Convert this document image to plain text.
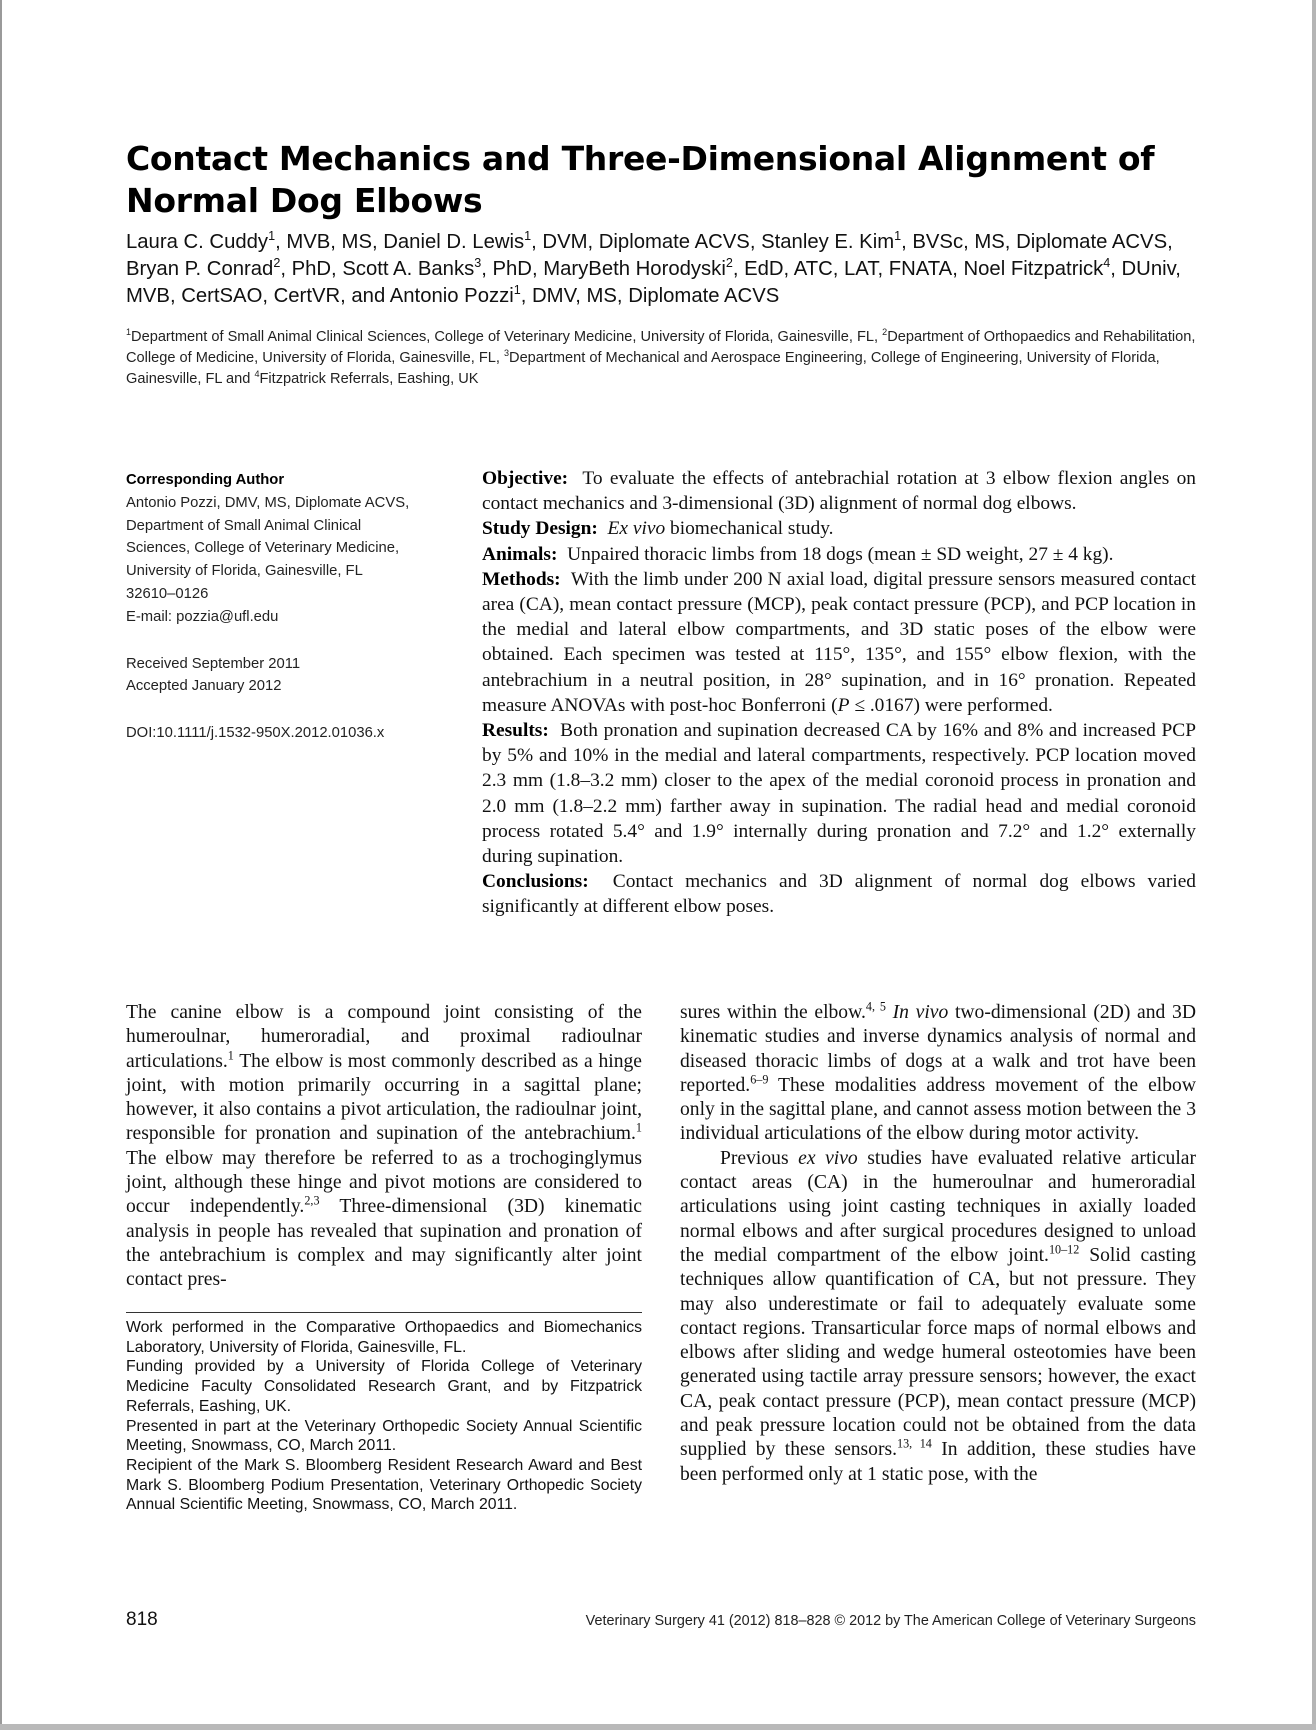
Contact Mechanics and Three-Dimensional Alignment of Normal Dog Elbows

Laura C. Cuddy$^1$, MVB, MS, Daniel D. Lewis$^1$, DVM, Diplomate ACVS, Stanley E. Kim$^1$, BVSc, MS, Diplomate ACVS, Bryan P. Conrad$^2$, PhD, Scott A. Banks$^3$, PhD, MaryBeth Horodyski$^2$, EdD, ATC, LAT, FNATA, Noel Fitzpatrick$^4$, DUniv, MVB, CertSAO, CertVR, and Antonio Pozzi$^1$, DMV, MS, Diplomate ACVS

$^1$Department of Small Animal Clinical Sciences, College of Veterinary Medicine, University of Florida, Gainesville, FL, $^2$Department of Orthopaedics and Rehabilitation, College of Medicine, University of Florida, Gainesville, FL, $^3$Department of Mechanical and Aerospace Engineering, College of Engineering, University of Florida, Gainesville, FL and $^4$Fitzpatrick Referrals, Eashing, UK

Corresponding Author
Antonio Pozzi, DMV, MS, Diplomate ACVS,
Department of Small Animal Clinical
Sciences, College of Veterinary Medicine,
University of Florida, Gainesville, FL
32610–0126
E-mail: pozzia@ufl.edu
Received September 2011
Accepted January 2012
DOI:10.1111/j.1532-950X.2012.01036.x

Objective: To evaluate the effects of antebrachial rotation at 3 elbow flexion angles on contact mechanics and 3-dimensional (3D) alignment of normal dog elbows.

Study Design: Ex vivo biomechanical study.

Animals: Unpaired thoracic limbs from 18 dogs (mean ± SD weight, 27 ± 4 kg).

Methods: With the limb under 200 N axial load, digital pressure sensors measured contact area (CA), mean contact pressure (MCP), peak contact pressure (PCP), and PCP location in the medial and lateral elbow compartments, and 3D static poses of the elbow were obtained. Each specimen was tested at 115°, 135°, and 155° elbow flexion, with the antebrachium in a neutral position, in 28° supination, and in 16° pronation. Repeated measure ANOVAs with post-hoc Bonferroni (P ≤ .0167) were performed.

Results: Both pronation and supination decreased CA by 16% and 8% and increased PCP by 5% and 10% in the medial and lateral compartments, respectively. PCP location moved 2.3 mm (1.8–3.2 mm) closer to the apex of the medial coronoid process in pronation and 2.0 mm (1.8–2.2 mm) farther away in supination. The radial head and medial coronoid process rotated 5.4° and 1.9° internally during pronation and 7.2° and 1.2° externally during supination.

Conclusions: Contact mechanics and 3D alignment of normal dog elbows varied significantly at different elbow poses.

The canine elbow is a compound joint consisting of the humeroulnar, humeroradial, and proximal radioulnar articulations.$^1$ The elbow is most commonly described as a hinge joint, with motion primarily occurring in a sagittal plane; however, it also contains a pivot articulation, the radioulnar joint, responsible for pronation and supination of the antebrachium.$^1$ The elbow may therefore be referred to as a trochoginglymus joint, although these hinge and pivot motions are considered to occur independently.$^{2,3}$ Three-dimensional (3D) kinematic analysis in people has revealed that supination and pronation of the antebrachium is complex and may significantly alter joint contact pres-

Work performed in the Comparative Orthopaedics and Biomechanics Laboratory, University of Florida, Gainesville, FL.

Funding provided by a University of Florida College of Veterinary Medicine Faculty Consolidated Research Grant, and by Fitzpatrick Referrals, Eashing, UK.

Presented in part at the Veterinary Orthopedic Society Annual Scientific Meeting, Snowmass, CO, March 2011.

Recipient of the Mark S. Bloomberg Resident Research Award and Best Mark S. Bloomberg Podium Presentation, Veterinary Orthopedic Society Annual Scientific Meeting, Snowmass, CO, March 2011.

sures within the elbow.$^{4, 5}$ In vivo two-dimensional (2D) and 3D kinematic studies and inverse dynamics analysis of normal and diseased thoracic limbs of dogs at a walk and trot have been reported.$^{6-9}$ These modalities address movement of the elbow only in the sagittal plane, and cannot assess motion between the 3 individual articulations of the elbow during motor activity.

Previous ex vivo studies have evaluated relative articular contact areas (CA) in the humeroulnar and humeroradial articulations using joint casting techniques in axially loaded normal elbows and after surgical procedures designed to unload the medial compartment of the elbow joint.$^{10-12}$ Solid casting techniques allow quantification of CA, but not pressure. They may also underestimate or fail to adequately evaluate some contact regions. Transarticular force maps of normal elbows and elbows after sliding and wedge humeral osteotomies have been generated using tactile array pressure sensors; however, the exact CA, peak contact pressure (PCP), mean contact pressure (MCP) and peak pressure location could not be obtained from the data supplied by these sensors.$^{13, 14}$ In addition, these studies have been performed only at 1 static pose, with the

818	Veterinary Surgery 41 (2012) 818–828 © 2012 by The American College of Veterinary Surgeons
